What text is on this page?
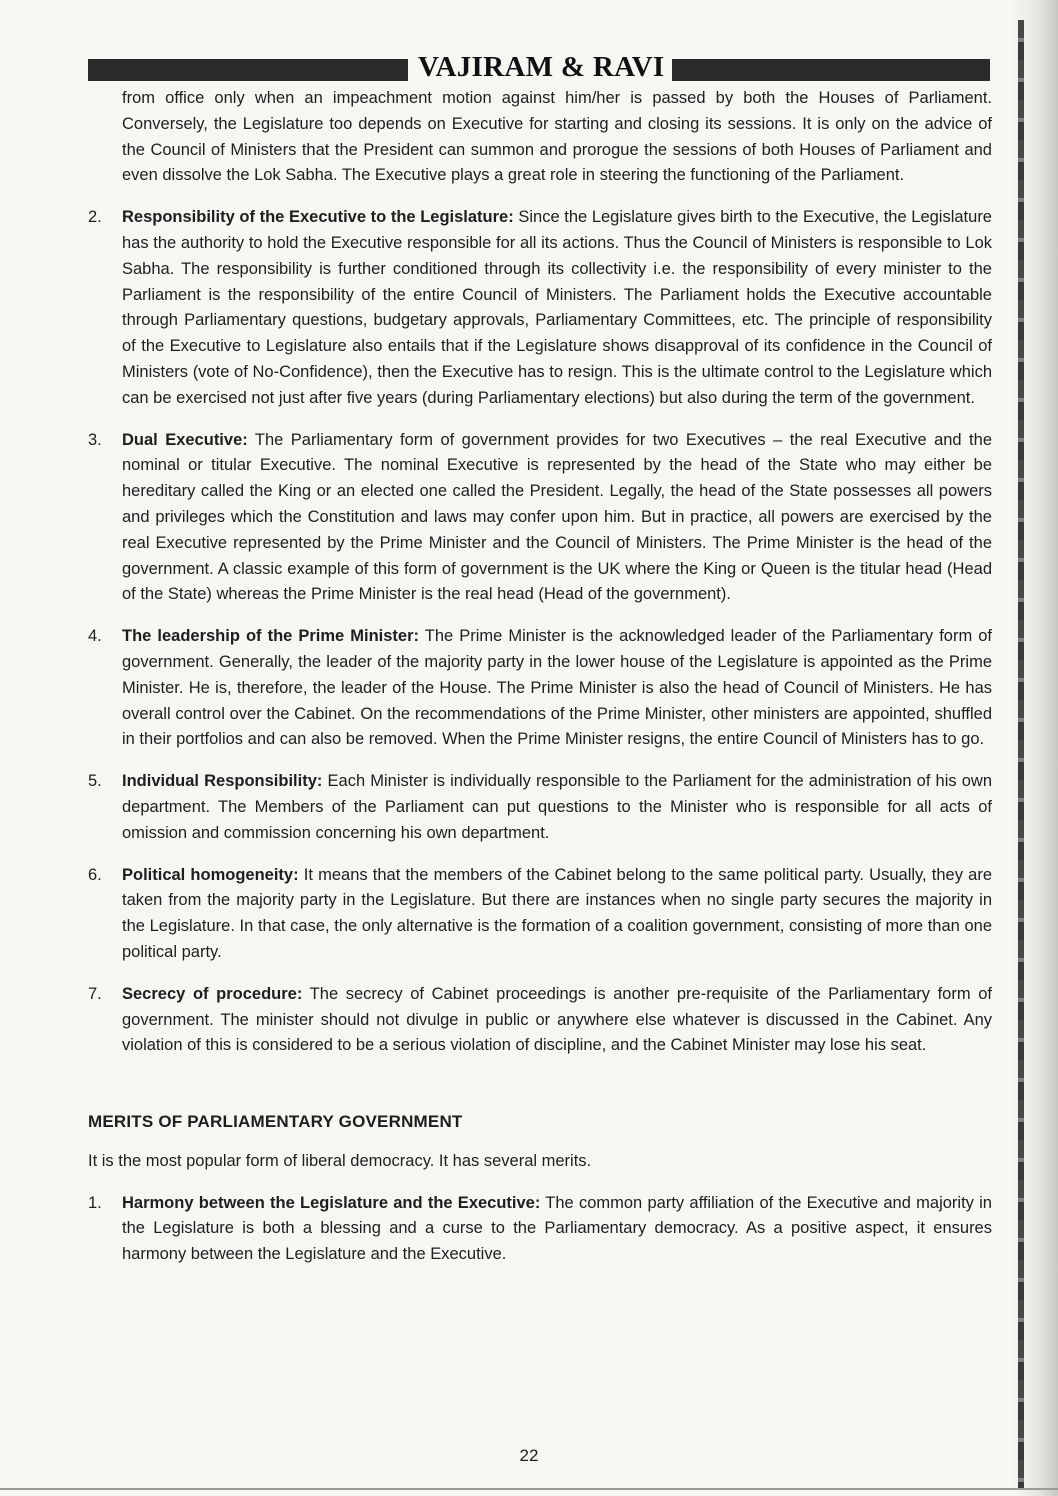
VAJIRAM & RAVI

from office only when an impeachment motion against him/her is passed by both the Houses of Parliament. Conversely, the Legislature too depends on Executive for starting and closing its sessions. It is only on the advice of the Council of Ministers that the President can summon and prorogue the sessions of both Houses of Parliament and even dissolve the Lok Sabha. The Executive plays a great role in steering the functioning of the Parliament.

2.	Responsibility of the Executive to the Legislature: Since the Legislature gives birth to the Executive, the Legislature has the authority to hold the Executive responsible for all its actions. Thus the Council of Ministers is responsible to Lok Sabha. The responsibility is further conditioned through its collectivity i.e. the responsibility of every minister to the Parliament is the responsibility of the entire Council of Ministers. The Parliament holds the Executive accountable through Parliamentary questions, budgetary approvals, Parliamentary Committees, etc. The principle of responsibility of the Executive to Legislature also entails that if the Legislature shows disapproval of its confidence in the Council of Ministers (vote of No-Confidence), then the Executive has to resign. This is the ultimate control to the Legislature which can be exercised not just after five years (during Parliamentary elections) but also during the term of the government.
3.	Dual Executive: The Parliamentary form of government provides for two Executives – the real Executive and the nominal or titular Executive. The nominal Executive is represented by the head of the State who may either be hereditary called the King or an elected one called the President. Legally, the head of the State possesses all powers and privileges which the Constitution and laws may confer upon him. But in practice, all powers are exercised by the real Executive represented by the Prime Minister and the Council of Ministers. The Prime Minister is the head of the government. A classic example of this form of government is the UK where the King or Queen is the titular head (Head of the State) whereas the Prime Minister is the real head (Head of the government).
4.	The leadership of the Prime Minister: The Prime Minister is the acknowledged leader of the Parliamentary form of government. Generally, the leader of the majority party in the lower house of the Legislature is appointed as the Prime Minister. He is, therefore, the leader of the House. The Prime Minister is also the head of Council of Ministers. He has overall control over the Cabinet. On the recommendations of the Prime Minister, other ministers are appointed, shuffled in their portfolios and can also be removed. When the Prime Minister resigns, the entire Council of Ministers has to go.
5.	Individual Responsibility: Each Minister is individually responsible to the Parliament for the administration of his own department. The Members of the Parliament can put questions to the Minister who is responsible for all acts of omission and commission concerning his own department.
6.	Political homogeneity: It means that the members of the Cabinet belong to the same political party. Usually, they are taken from the majority party in the Legislature. But there are instances when no single party secures the majority in the Legislature. In that case, the only alternative is the formation of a coalition government, consisting of more than one political party.
7.	Secrecy of procedure: The secrecy of Cabinet proceedings is another pre-requisite of the Parliamentary form of government. The minister should not divulge in public or anywhere else whatever is discussed in the Cabinet. Any violation of this is considered to be a serious violation of discipline, and the Cabinet Minister may lose his seat.
MERITS OF PARLIAMENTARY GOVERNMENT

It is the most popular form of liberal democracy. It has several merits.

1.	Harmony between the Legislature and the Executive: The common party affiliation of the Executive and majority in the Legislature is both a blessing and a curse to the Parliamentary democracy. As a positive aspect, it ensures harmony between the Legislature and the Executive.
22
